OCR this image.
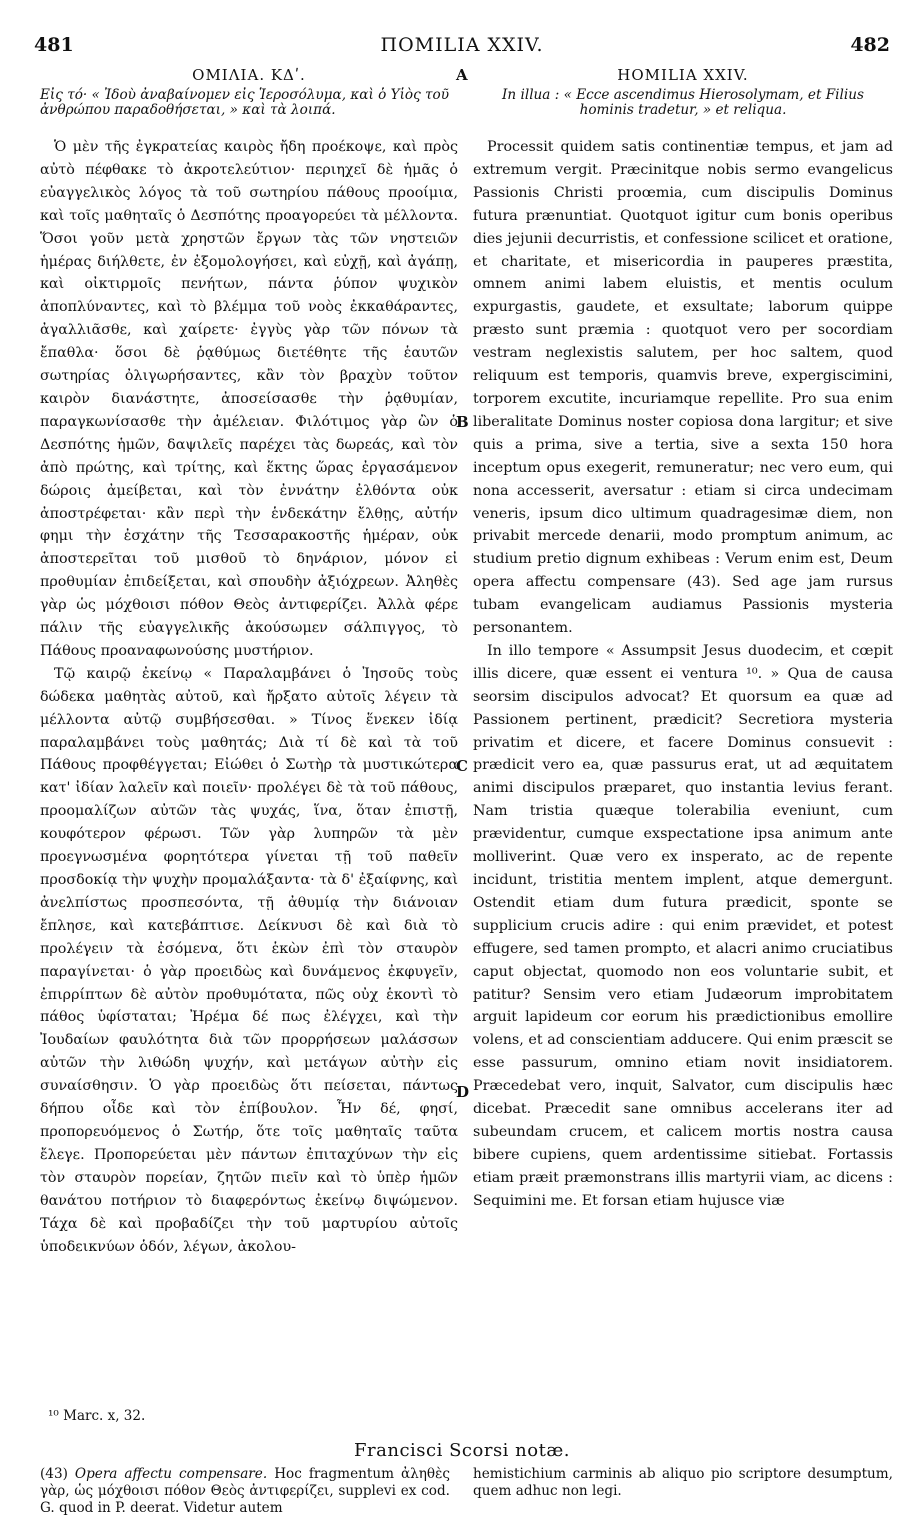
481	ΠΟΜΙLIA XXIV.	482
A
B
C
D
ΟΜΙΛΙΑ. ΚΔʹ.

Εἰς τό· « Ἰδοὺ ἀναβαίνομεν εἰς Ἱεροσόλυμα, καὶ ὁ Υἱὸς τοῦ ἀνθρώπου παραδοθήσεται, » καὶ τὰ λοιπά.

Ὁ μὲν τῆς ἐγκρατείας καιρὸς ἤδη προέκοψε, καὶ πρὸς αὐτὸ πέφθακε τὸ ἀκροτελεύτιον· περιηχεῖ δὲ ἡμᾶς ὁ εὐαγγελικὸς λόγος τὰ τοῦ σωτηρίου πάθους προοίμια, καὶ τοῖς μαθηταῖς ὁ Δεσπότης προαγορεύει τὰ μέλλοντα. Ὅσοι γοῦν μετὰ χρηστῶν ἔργων τὰς τῶν νηστειῶν ἡμέρας διήλθετε, ἐν ἐξομολογήσει, καὶ εὐχῇ, καὶ ἀγάπῃ, καὶ οἰκτιρμοῖς πενήτων, πάντα ῥύπον ψυχικὸν ἀποπλύναντες, καὶ τὸ βλέμμα τοῦ νοὸς ἐκκαθάραντες, ἀγαλλιᾶσθε, καὶ χαίρετε· ἐγγὺς γὰρ τῶν πόνων τὰ ἔπαθλα· ὅσοι δὲ ῥᾳθύμως διετέθητε τῆς ἑαυτῶν σωτηρίας ὀλιγωρήσαντες, κἂν τὸν βραχὺν τοῦτον καιρὸν διανάστητε, ἀποσείσασθε τὴν ῥᾳθυμίαν, παραγκωνίσασθε τὴν ἀμέλειαν. Φιλότιμος γὰρ ὢν ὁ Δεσπότης ἡμῶν, δαψιλεῖς παρέχει τὰς δωρεάς, καὶ τὸν ἀπὸ πρώτης, καὶ τρίτης, καὶ ἕκτης ὥρας ἐργασάμενον δώροις ἀμείβεται, καὶ τὸν ἐννάτην ἐλθόντα οὐκ ἀποστρέφεται· κἂν περὶ τὴν ἑνδεκάτην ἔλθῃς, αὐτήν φημι τὴν ἐσχάτην τῆς Τεσσαρακοστῆς ἡμέραν, οὐκ ἀποστερεῖται τοῦ μισθοῦ τὸ δηνάριον, μόνον εἰ προθυμίαν ἐπιδείξεται, καὶ σπουδὴν ἀξιόχρεων. Ἀληθὲς γὰρ ὡς μόχθοισι πόθον Θεὸς ἀντιφερίζει. Ἀλλὰ φέρε πάλιν τῆς εὐαγγελικῆς ἀκούσωμεν σάλπιγγος, τὸ Πάθους προαναφωνούσης μυστήριον.

Τῷ καιρῷ ἐκείνῳ « Παραλαμβάνει ὁ Ἰησοῦς τοὺς δώδεκα μαθητὰς αὐτοῦ, καὶ ἤρξατο αὐτοῖς λέγειν τὰ μέλλοντα αὐτῷ συμβήσεσθαι. » Τίνος ἕνεκεν ἰδίᾳ παραλαμβάνει τοὺς μαθητάς; Διὰ τί δὲ καὶ τὰ τοῦ Πάθους προφθέγγεται; Εἰώθει ὁ Σωτὴρ τὰ μυστικώτερα κατ' ἰδίαν λαλεῖν καὶ ποιεῖν· προλέγει δὲ τὰ τοῦ πάθους, προομαλίζων αὐτῶν τὰς ψυχάς, ἵνα, ὅταν ἐπιστῇ, κουφότερον φέρωσι. Τῶν γὰρ λυπηρῶν τὰ μὲν προεγνωσμένα φορητότερα γίνεται τῇ τοῦ παθεῖν προσδοκίᾳ τὴν ψυχὴν προμαλάξαντα· τὰ δ' ἐξαίφνης, καὶ ἀνελπίστως προσπεσόντα, τῇ ἀθυμίᾳ τὴν διάνοιαν ἔπλησε, καὶ κατεβάπτισε. Δείκνυσι δὲ καὶ διὰ τὸ προλέγειν τὰ ἐσόμενα, ὅτι ἑκὼν ἐπὶ τὸν σταυρὸν παραγίνεται· ὁ γὰρ προειδὼς καὶ δυνάμενος ἐκφυγεῖν, ἐπιρρίπτων δὲ αὐτὸν προθυμότατα, πῶς οὐχ ἑκοντὶ τὸ πάθος ὑφίσταται; Ἠρέμα δέ πως ἐλέγχει, καὶ τὴν Ἰουδαίων φαυλότητα διὰ τῶν προρρήσεων μαλάσσων αὐτῶν τὴν λιθώδη ψυχήν, καὶ μετάγων αὐτὴν εἰς συναίσθησιν. Ὁ γὰρ προειδὼς ὅτι πείσεται, πάντως δήπου οἶδε καὶ τὸν ἐπίβουλον. Ἦν δέ, φησί, προπορευόμενος ὁ Σωτήρ, ὅτε τοῖς μαθηταῖς ταῦτα ἔλεγε. Προπορεύεται μὲν πάντων ἐπιταχύνων τὴν εἰς τὸν σταυρὸν πορείαν, ζητῶν πιεῖν καὶ τὸ ὑπὲρ ἡμῶν θανάτου ποτήριον τὸ διαφερόντως ἐκείνῳ διψώμενον. Τάχα δὲ καὶ προβαδίζει τὴν τοῦ μαρτυρίου αὐτοῖς ὑποδεικνύων ὁδόν, λέγων, ἀκολου-

ΗΟΜΙLIA XXIV.

In illua : « Ecce ascendimus Hierosolymam, et Filius hominis tradetur, » et reliqua.

Processit quidem satis continentiæ tempus, et jam ad extremum vergit. Præcinitque nobis sermo evangelicus Passionis Christi proœmia, cum discipulis Dominus futura prænuntiat. Quotquot igitur cum bonis operibus dies jejunii decurristis, et confessione scilicet et oratione, et charitate, et misericordia in pauperes præstita, omnem animi labem eluistis, et mentis oculum expurgastis, gaudete, et exsultate; laborum quippe præsto sunt præmia : quotquot vero per socordiam vestram neglexistis salutem, per hoc saltem, quod reliquum est temporis, quamvis breve, expergiscimini, torporem excutite, incuriamque repellite. Pro sua enim liberalitate Dominus noster copiosa dona largitur; et sive quis a prima, sive a tertia, sive a sexta 150 hora inceptum opus exegerit, remuneratur; nec vero eum, qui nona accesserit, aversatur : etiam si circa undecimam veneris, ipsum dico ultimum quadragesimæ diem, non privabit mercede denarii, modo promptum animum, ac studium pretio dignum exhibeas : Verum enim est, Deum opera affectu compensare (43). Sed age jam rursus tubam evangelicam audiamus Passionis mysteria personantem.

In illo tempore « Assumpsit Jesus duodecim, et cœpit illis dicere, quæ essent ei ventura ¹⁰. » Qua de causa seorsim discipulos advocat? Et quorsum ea quæ ad Passionem pertinent, prædicit? Secretiora mysteria privatim et dicere, et facere Dominus consuevit : prædicit vero ea, quæ passurus erat, ut ad æquitatem animi discipulos præparet, quo instantia levius ferant. Nam tristia quæque tolerabilia eveniunt, cum prævidentur, cumque exspectatione ipsa animum ante molliverint. Quæ vero ex insperato, ac de repente incidunt, tristitia mentem implent, atque demergunt. Ostendit etiam dum futura prædicit, sponte se supplicium crucis adire : qui enim prævidet, et potest effugere, sed tamen promptο, et alacri animo cruciatibus caput objectat, quomodo non eos voluntarie subit, et patitur? Sensim vero etiam Judæorum improbitatem arguit lapideum cor eorum his prædictionibus emollire volens, et ad conscientiam adducere. Qui enim præscit se esse passurum, omnino etiam novit insidiatorem. Præcedebat vero, inquit, Salvator, cum discipulis hæc dicebat. Præcedit sane omnibus accelerans iter ad subeundam crucem, et calicem mortis nostra causa bibere cupiens, quem ardentissime sitiebat. Fortassis etiam præit præmonstrans illis martyrii viam, ac dicens : Sequimini me. Et forsan etiam hujusce viæ

¹⁰ Marc. x, 32.
Francisci Scorsi notæ.
(43) Opera affectu compensare. Hoc fragmentum ἀληθὲς γὰρ, ὡς μόχθοισι πόθον Θεὸς ἀντιφερίζει, supplevi ex cod. G. quod in P. deerat. Videtur autem
hemistichium carminis ab aliquo pio scriptore desumptum, quem adhuc non legi.
